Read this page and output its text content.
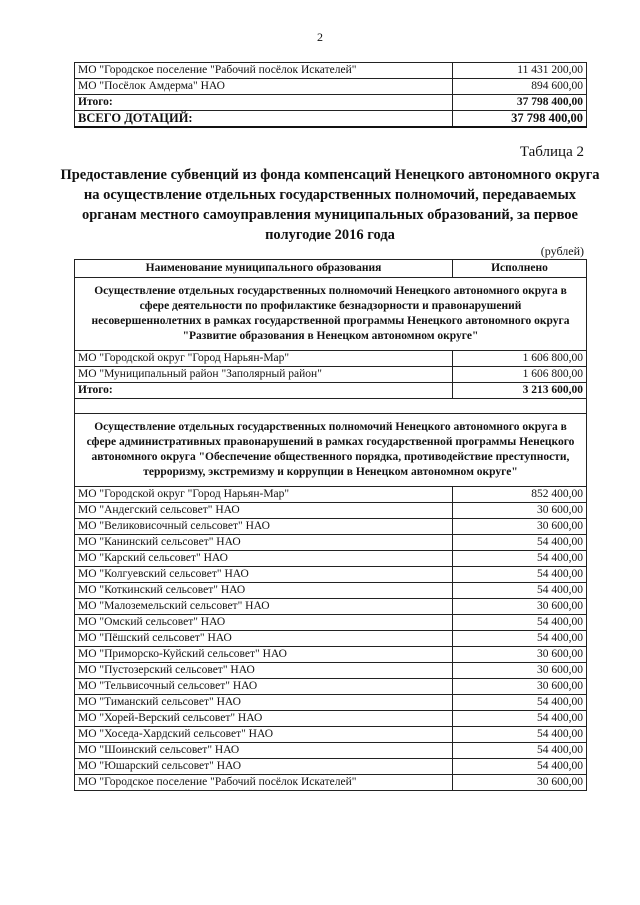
2
МО "Городское поселение "Рабочий посёлок Искателей"	11 431 200,00
МО "Посёлок Амдерма" НАО	894 600,00
Итого:	37 798 400,00
ВСЕГО ДОТАЦИЙ:	37 798 400,00
Таблица 2
Предоставление субвенций из фонда компенсаций Ненецкого автономного округа на осуществление отдельных государственных полномочий, передаваемых органам местного самоуправления муниципальных образований, за первое полугодие 2016 года
(рублей)
Наименование муниципального образования	Исполнено
Осуществление отдельных государственных полномочий Ненецкого автономного округа в сфере деятельности по профилактике безнадзорности и правонарушений несовершеннолетних в рамках государственной программы Ненецкого автономного округа "Развитие образования в Ненецком автономном округе"	
МО "Городской округ "Город Нарьян-Мар"	1 606 800,00
МО "Муниципальный район "Заполярный район"	1 606 800,00
Итого:	3 213 600,00

Осуществление отдельных государственных полномочий Ненецкого автономного округа в сфере административных правонарушений в рамках государственной программы Ненецкого автономного округа "Обеспечение общественного порядка, противодействие преступности, терроризму, экстремизму и коррупции в Ненецком автономном округе"	
МО "Городской округ "Город Нарьян-Мар"	852 400,00
МО "Андегский сельсовет" НАО	30 600,00
МО "Великовисочный сельсовет" НАО	30 600,00
МО "Канинский сельсовет" НАО	54 400,00
МО "Карский сельсовет" НАО	54 400,00
МО "Колгуевский сельсовет" НАО	54 400,00
МО "Коткинский сельсовет" НАО	54 400,00
МО "Малоземельский сельсовет" НАО	30 600,00
МО "Омский сельсовет" НАО	54 400,00
МО "Пёшский сельсовет" НАО	54 400,00
МО "Приморско-Куйский сельсовет" НАО	30 600,00
МО "Пустозерский сельсовет" НАО	30 600,00
МО "Тельвисочный сельсовет" НАО	30 600,00
МО "Тиманский сельсовет" НАО	54 400,00
МО "Хорей-Верский сельсовет" НАО	54 400,00
МО "Хоседа-Хардский сельсовет" НАО	54 400,00
МО "Шоинский сельсовет" НАО	54 400,00
МО "Юшарский сельсовет" НАО	54 400,00
МО "Городское поселение "Рабочий посёлок Искателей"	30 600,00
